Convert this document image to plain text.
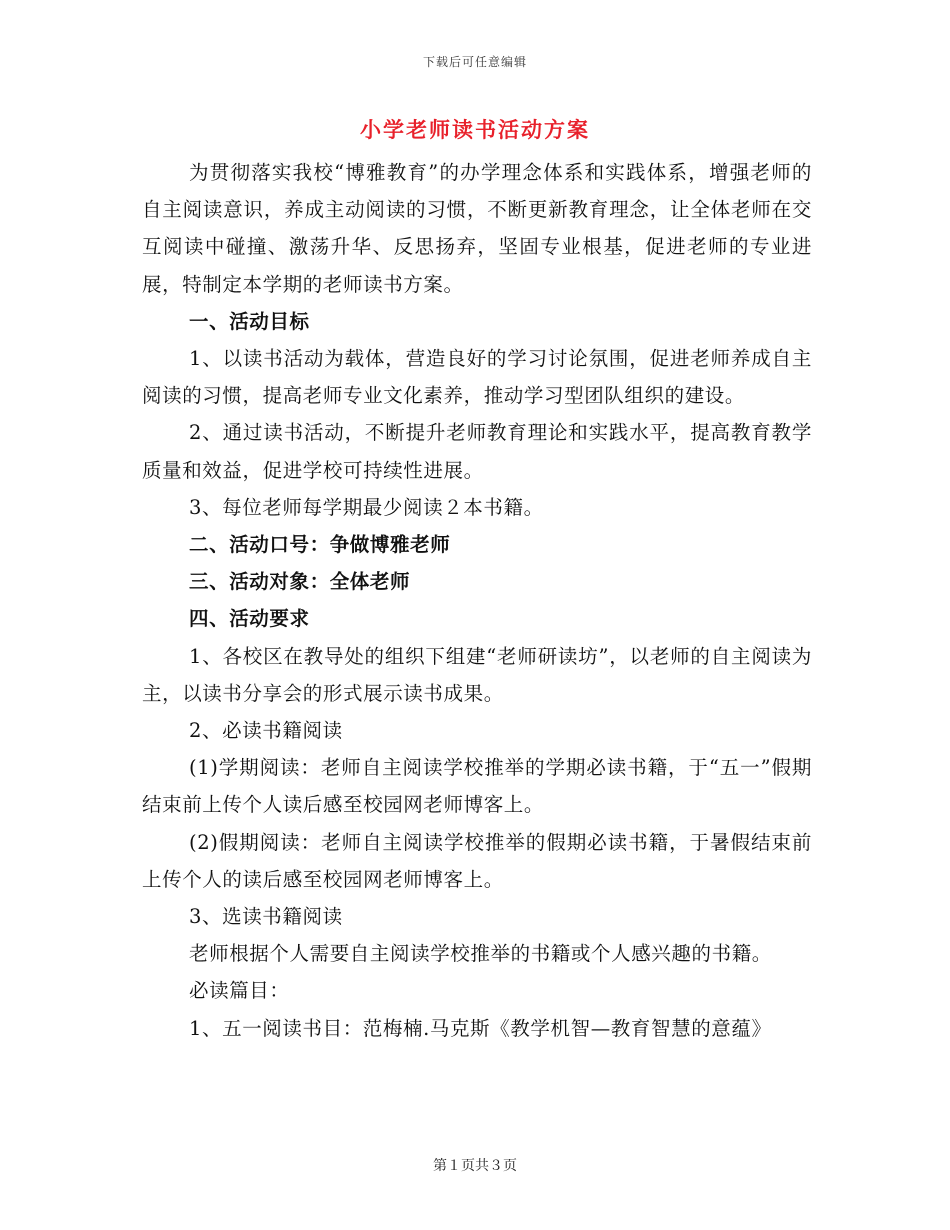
下载后可任意编辑
小学老师读书活动方案

为贯彻落实我校“博雅教育”的办学理念体系和实践体系，增强老师的自主阅读意识，养成主动阅读的习惯，不断更新教育理念，让全体老师在交互阅读中碰撞、激荡升华、反思扬弃，坚固专业根基，促进老师的专业进展，特制定本学期的老师读书方案。

一、活动目标

1、以读书活动为载体，营造良好的学习讨论氛围，促进老师养成自主阅读的习惯，提高老师专业文化素养，推动学习型团队组织的建设。

2、通过读书活动，不断提升老师教育理论和实践水平，提高教育教学质量和效益，促进学校可持续性进展。

3、每位老师每学期最少阅读２本书籍。

二、活动口号：争做博雅老师

三、活动对象：全体老师

四、活动要求

1、各校区在教导处的组织下组建“老师研读坊”，以老师的自主阅读为主，以读书分享会的形式展示读书成果。

2、必读书籍阅读

(1)学期阅读：老师自主阅读学校推举的学期必读书籍，于“五一”假期结束前上传个人读后感至校园网老师博客上。

(2)假期阅读：老师自主阅读学校推举的假期必读书籍，于暑假结束前上传个人的读后感至校园网老师博客上。

3、选读书籍阅读

老师根据个人需要自主阅读学校推举的书籍或个人感兴趣的书籍。

必读篇目：

1、五一阅读书目：范梅楠.马克斯《教学机智—教育智慧的意蕴》

第１页共３页
